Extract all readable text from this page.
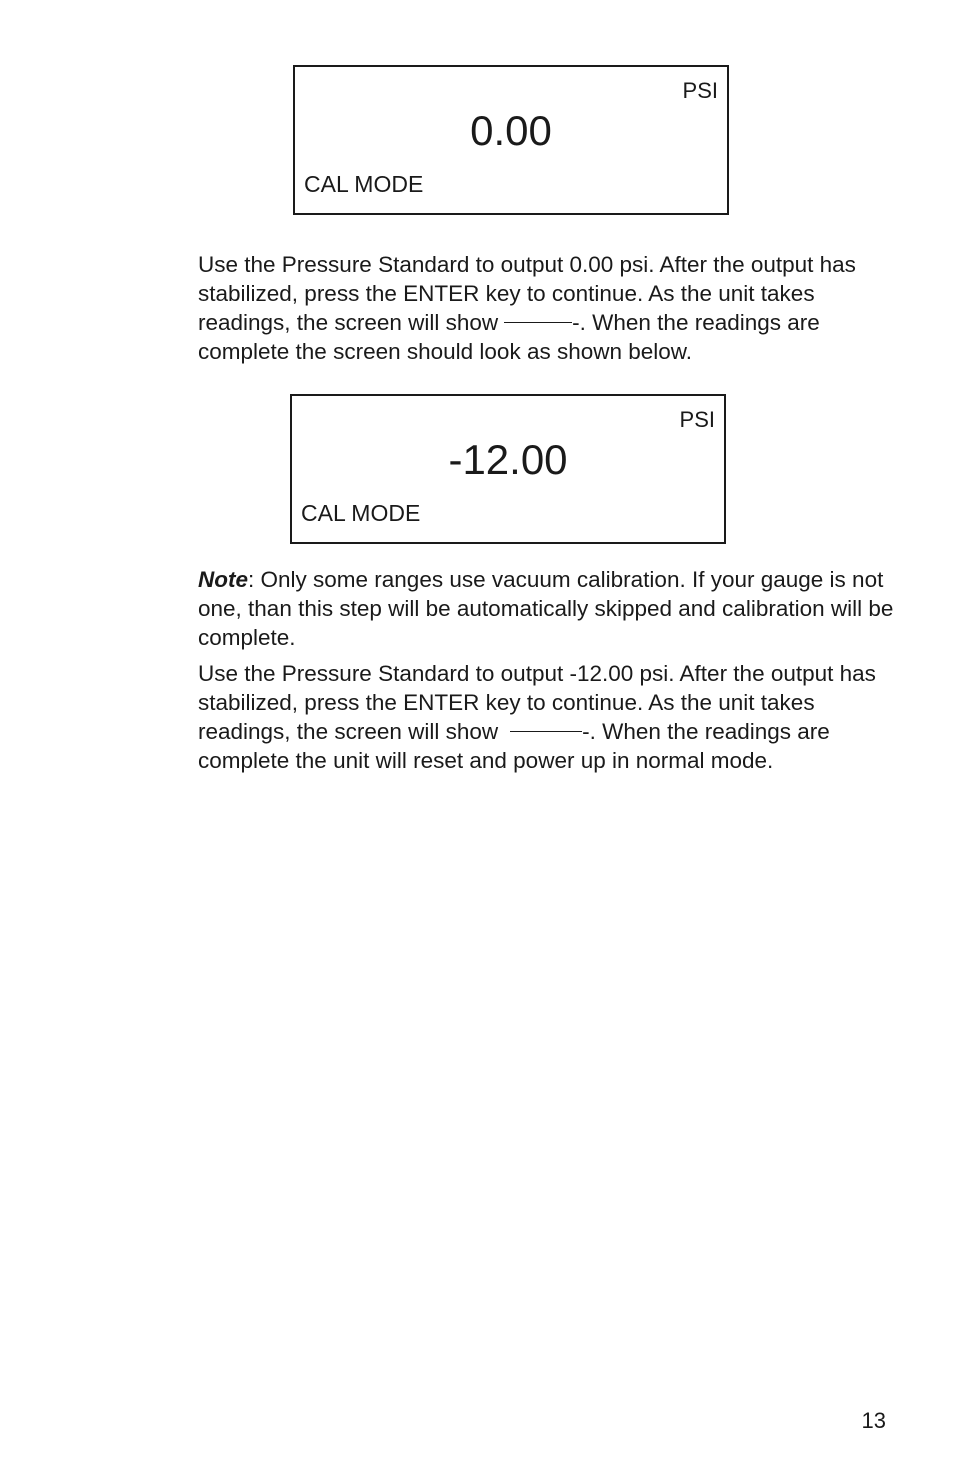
PSI
0.00
CAL MODE

Use the Pressure Standard to output 0.00 psi. After the output has stabilized, press the ENTER key to continue. As the unit takes readings, the screen will show	-. When the readings are complete the screen should look as shown below.

PSI
-12.00
CAL MODE

Note: Only some ranges use vacuum calibration. If your gauge is not one, than this step will be automatically skipped and calibration will be complete.

Use the Pressure Standard to output -12.00 psi. After the output has stabilized, press the ENTER key to continue. As the unit takes readings, the screen will show	-. When the readings are complete the unit will reset and power up in normal mode.

13
